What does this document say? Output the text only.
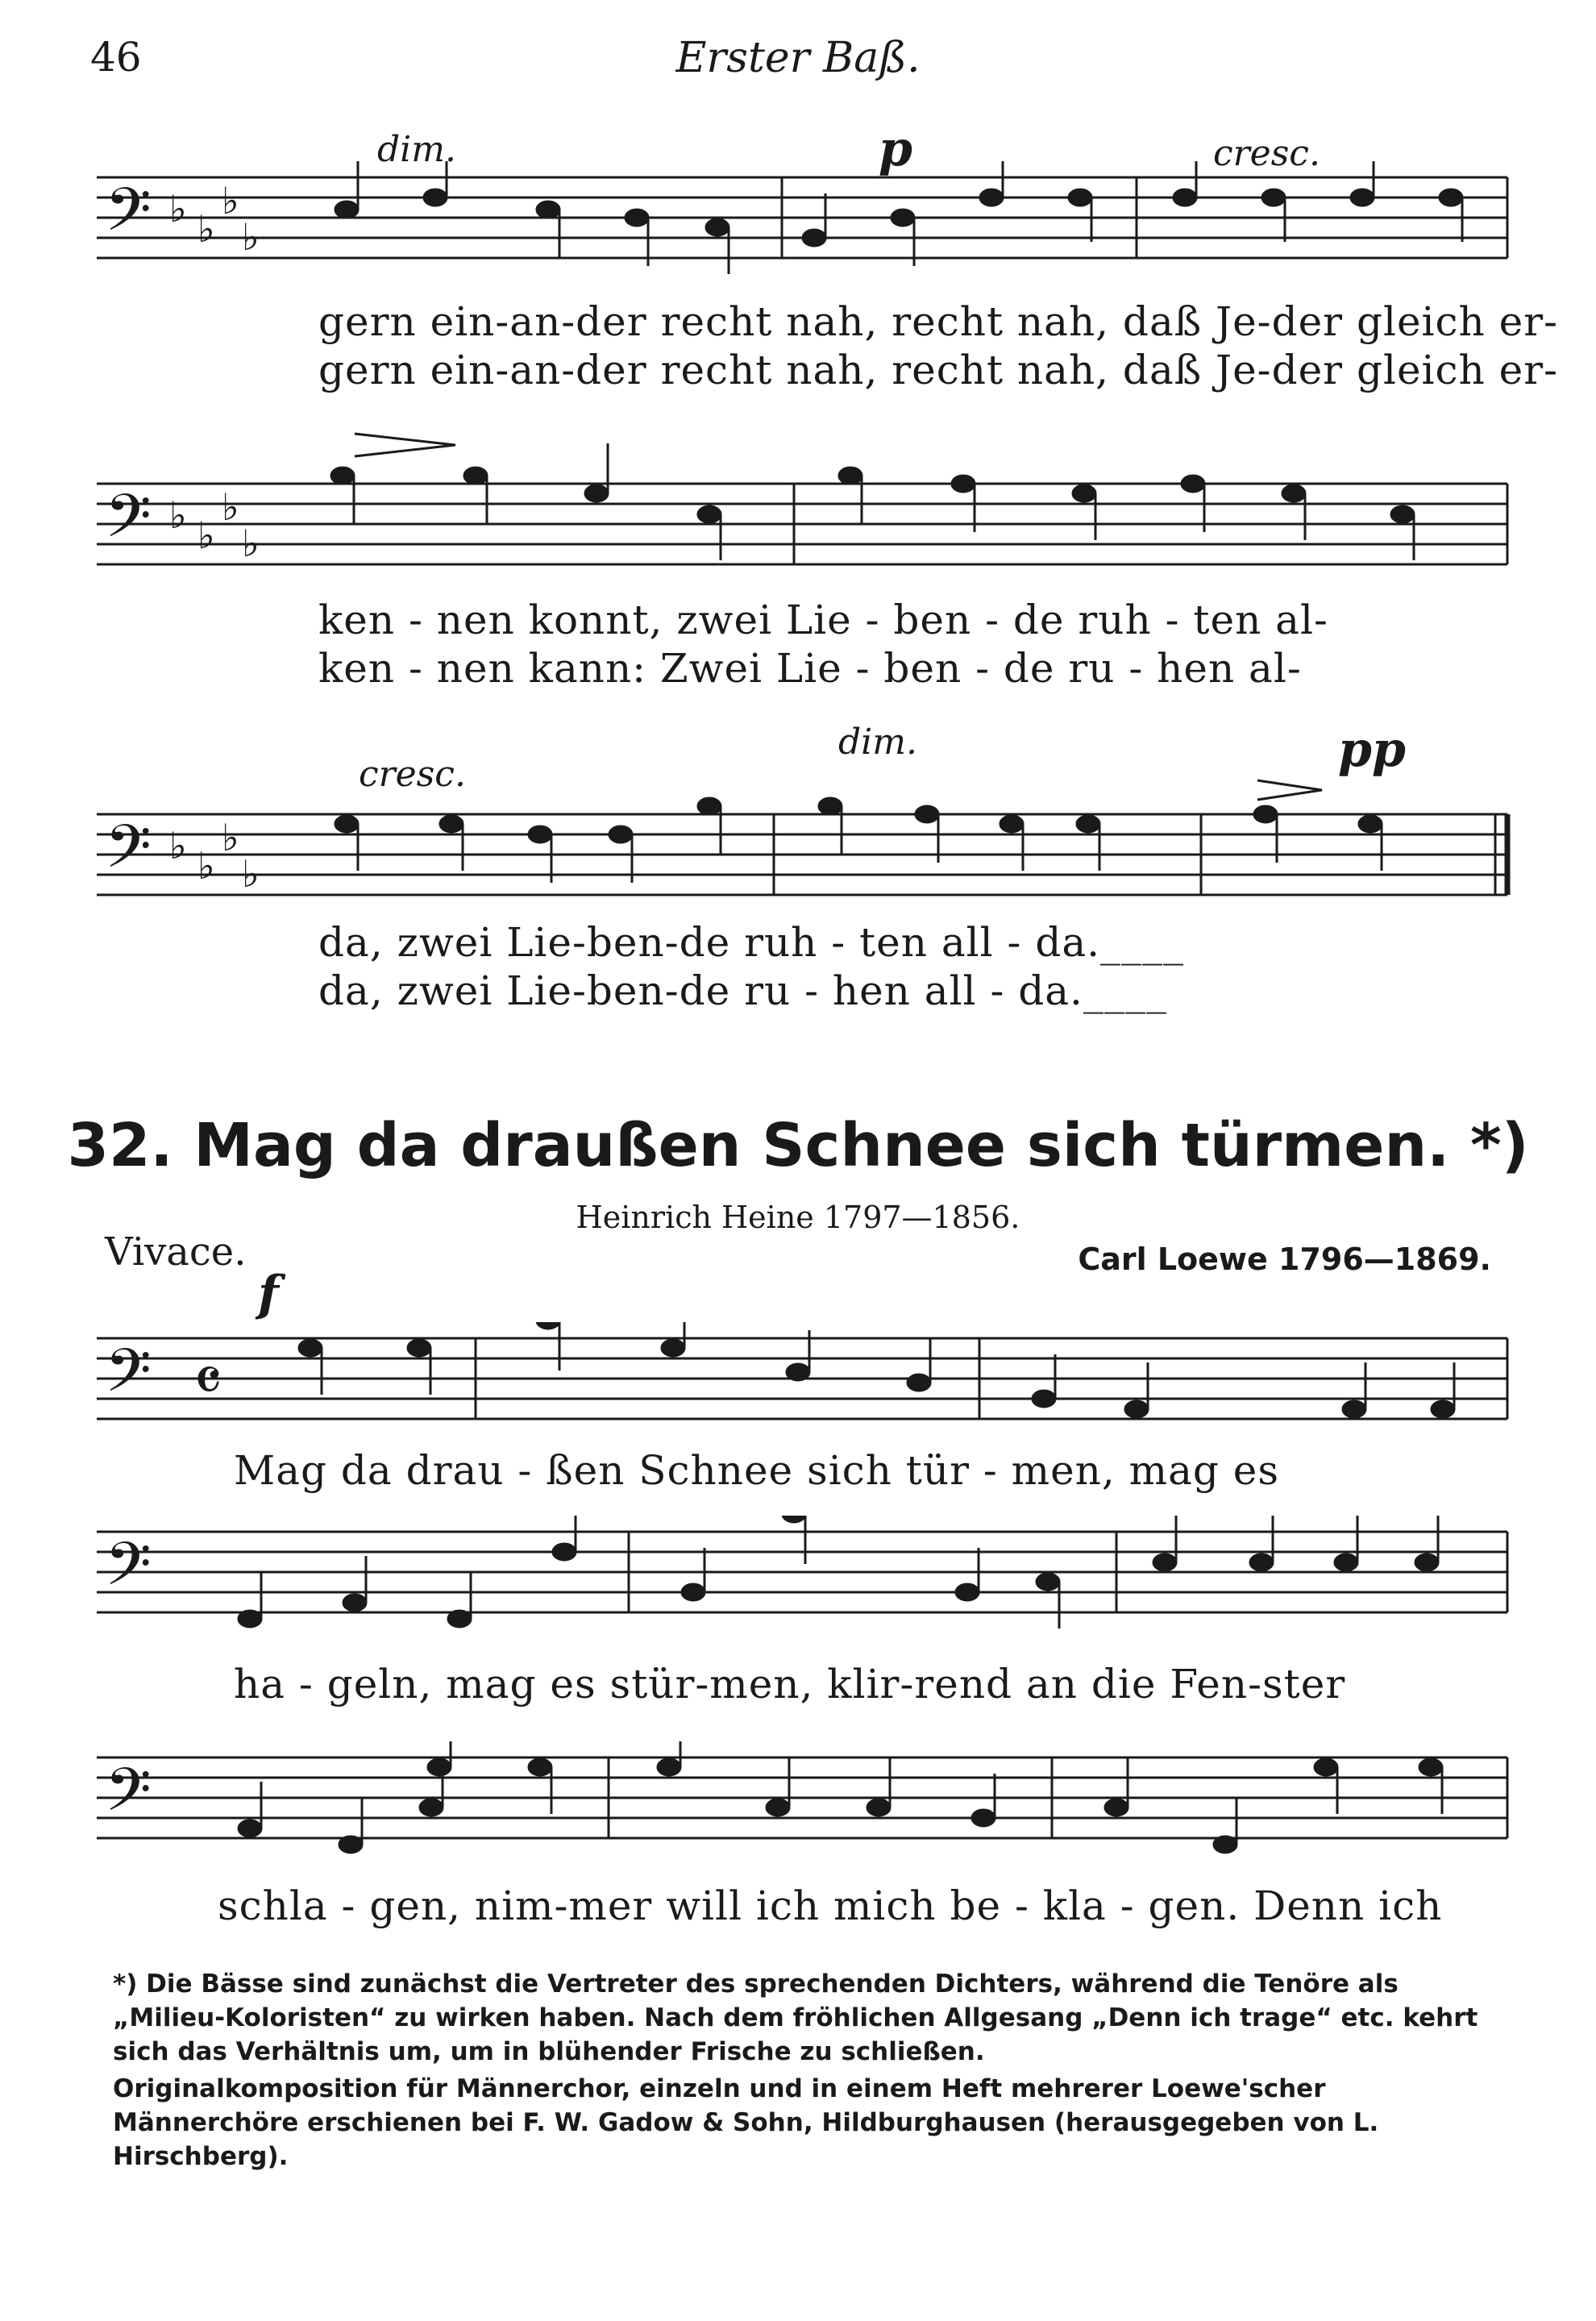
46	Erster Baß.
dim.	p	cresc.
𝄢 ♭ ♭
♭
♭
gern ein-an-der recht nah, recht nah, daß Je-der gleich er-
gern ein-an-der recht nah, recht nah, daß Je-der gleich er-
𝄢 ♭ ♭
♭
♭
ken - nen konnt, zwei Lie - ben - de ruh - ten al-
ken - nen kann: Zwei Lie - ben - de ru - hen al-
cresc.
dim.	pp
𝄢 ♭ ♭
♭
♭
da, zwei Lie-ben-de ruh - ten all - da.____
da, zwei Lie-ben-de ru - hen all - da.____
32. Mag da draußen Schnee sich türmen. *)
Heinrich Heine 1797—1856.
Vivace.	Carl Loewe 1796—1869.
f
𝄢 𝄴
Mag da drau - ßen Schnee sich tür - men, mag es
𝄢
ha - geln, mag es stür-men, klir-rend an die Fen-ster
𝄢
schla - gen, nim-mer will ich mich be - kla - gen. Denn ich
*) Die Bässe sind zunächst die Vertreter des sprechenden Dichters, während die Tenöre als „Milieu-Koloristen“ zu wirken haben. Nach dem fröhlichen Allgesang „Denn ich trage“ etc. kehrt sich das Verhältnis um, um in blühender Frische zu schließen.
Originalkomposition für Männerchor, einzeln und in einem Heft mehrerer Loewe'scher Männerchöre erschienen bei F. W. Gadow & Sohn, Hildburghausen (herausgegeben von L. Hirschberg).
